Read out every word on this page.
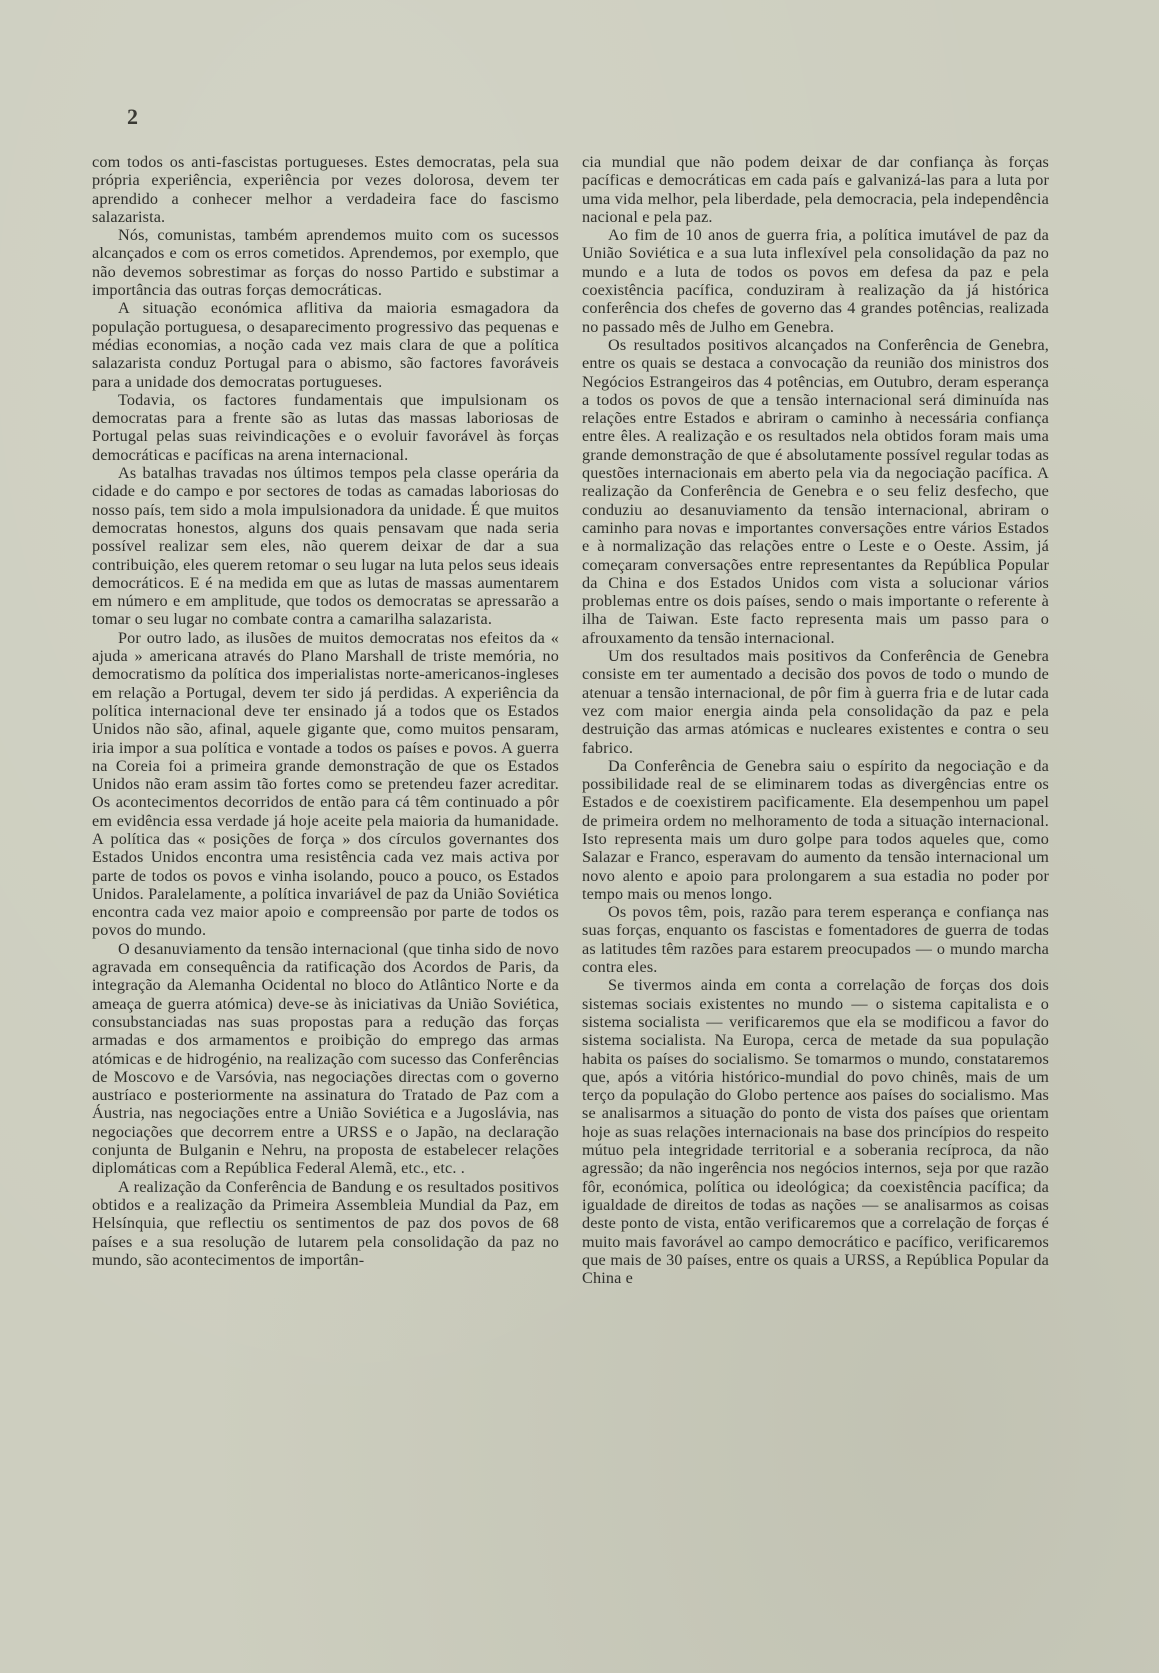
2

com todos os anti-fascistas portugueses. Estes democratas, pela sua própria experiência, experiência por vezes dolorosa, devem ter aprendido a conhecer melhor a verdadeira face do fascismo salazarista.

Nós, comunistas, também aprendemos muito com os sucessos alcançados e com os erros cometidos. Aprendemos, por exemplo, que não devemos sobrestimar as forças do nosso Partido e substimar a importância das outras forças democráticas.

A situação económica aflitiva da maioria esmagadora da população portuguesa, o desaparecimento progressivo das pequenas e médias economias, a noção cada vez mais clara de que a política salazarista conduz Portugal para o abismo, são factores favoráveis para a unidade dos democratas portugueses.

Todavia, os factores fundamentais que impulsionam os democratas para a frente são as lutas das massas laboriosas de Portugal pelas suas reivindicações e o evoluir favorável às forças democráticas e pacíficas na arena internacional.

As batalhas travadas nos últimos tempos pela classe operária da cidade e do campo e por sectores de todas as camadas laboriosas do nosso país, tem sido a mola impulsionadora da unidade. É que muitos democratas honestos, alguns dos quais pensavam que nada seria possível realizar sem eles, não querem deixar de dar a sua contribuição, eles querem retomar o seu lugar na luta pelos seus ideais democráticos. E é na medida em que as lutas de massas aumentarem em número e em amplitude, que todos os democratas se apressarão a tomar o seu lugar no combate contra a camarilha salazarista.

Por outro lado, as ilusões de muitos democratas nos efeitos da « ajuda » americana através do Plano Marshall de triste memória, no democratismo da política dos imperialistas norte-americanos-ingleses em relação a Portugal, devem ter sido já perdidas. A experiência da política internacional deve ter ensinado já a todos que os Estados Unidos não são, afinal, aquele gigante que, como muitos pensaram, iria impor a sua política e vontade a todos os países e povos. A guerra na Coreia foi a primeira grande demonstração de que os Estados Unidos não eram assim tão fortes como se pretendeu fazer acreditar. Os acontecimentos decorridos de então para cá têm continuado a pôr em evidência essa verdade já hoje aceite pela maioria da humanidade. A política das « posições de força » dos círculos governantes dos Estados Unidos encontra uma resistência cada vez mais activa por parte de todos os povos e vinha isolando, pouco a pouco, os Estados Unidos. Paralelamente, a política invariável de paz da União Soviética encontra cada vez maior apoio e compreensão por parte de todos os povos do mundo.

O desanuviamento da tensão internacional (que tinha sido de novo agravada em consequência da ratificação dos Acordos de Paris, da integração da Alemanha Ocidental no bloco do Atlântico Norte e da ameaça de guerra atómica) deve-se às iniciativas da União Soviética, consubstanciadas nas suas propostas para a redução das forças armadas e dos armamentos e proibição do emprego das armas atómicas e de hidrogénio, na realização com sucesso das Conferências de Moscovo e de Varsóvia, nas negociações directas com o governo austríaco e posteriormente na assinatura do Tratado de Paz com a Áustria, nas negociações entre a União Soviética e a Jugoslávia, nas negociações que decorrem entre a URSS e o Japão, na declaração conjunta de Bulganin e Nehru, na proposta de estabelecer relações diplomáticas com a República Federal Alemã, etc., etc. .

A realização da Conferência de Bandung e os resultados positivos obtidos e a realização da Primeira Assembleia Mundial da Paz, em Helsínquia, que reflectiu os sentimentos de paz dos povos de 68 países e a sua resolução de lutarem pela consolidação da paz no mundo, são acontecimentos de importân-

cia mundial que não podem deixar de dar confiança às forças pacíficas e democráticas em cada país e galvanizá-las para a luta por uma vida melhor, pela liberdade, pela democracia, pela independência nacional e pela paz.

Ao fim de 10 anos de guerra fria, a política imutável de paz da União Soviética e a sua luta inflexível pela consolidação da paz no mundo e a luta de todos os povos em defesa da paz e pela coexistência pacífica, conduziram à realização da já histórica conferência dos chefes de governo das 4 grandes potências, realizada no passado mês de Julho em Genebra.

Os resultados positivos alcançados na Conferência de Genebra, entre os quais se destaca a convocação da reunião dos ministros dos Negócios Estrangeiros das 4 potências, em Outubro, deram esperança a todos os povos de que a tensão internacional será diminuída nas relações entre Estados e abriram o caminho à necessária confiança entre êles. A realização e os resultados nela obtidos foram mais uma grande demonstração de que é absolutamente possível regular todas as questões internacionais em aberto pela via da negociação pacífica. A realização da Conferência de Genebra e o seu feliz desfecho, que conduziu ao desanuviamento da tensão internacional, abriram o caminho para novas e importantes conversações entre vários Estados e à normalização das relações entre o Leste e o Oeste. Assim, já começaram conversações entre representantes da República Popular da China e dos Estados Unidos com vista a solucionar vários problemas entre os dois países, sendo o mais importante o referente à ilha de Taiwan. Este facto representa mais um passo para o afrouxamento da tensão internacional.

Um dos resultados mais positivos da Conferência de Genebra consiste em ter aumentado a decisão dos povos de todo o mundo de atenuar a tensão internacional, de pôr fim à guerra fria e de lutar cada vez com maior energia ainda pela consolidação da paz e pela destruição das armas atómicas e nucleares existentes e contra o seu fabrico.

Da Conferência de Genebra saiu o espírito da negociação e da possibilidade real de se eliminarem todas as divergências entre os Estados e de coexistirem pacìficamente. Ela desempenhou um papel de primeira ordem no melhoramento de toda a situação internacional. Isto representa mais um duro golpe para todos aqueles que, como Salazar e Franco, esperavam do aumento da tensão internacional um novo alento e apoio para prolongarem a sua estadia no poder por tempo mais ou menos longo.

Os povos têm, pois, razão para terem esperança e confiança nas suas forças, enquanto os fascistas e fomentadores de guerra de todas as latitudes têm razões para estarem preocupados — o mundo marcha contra eles.

Se tivermos ainda em conta a correlação de forças dos dois sistemas sociais existentes no mundo — o sistema capitalista e o sistema socialista — verificaremos que ela se modificou a favor do sistema socialista. Na Europa, cerca de metade da sua população habita os países do socialismo. Se tomarmos o mundo, constataremos que, após a vitória histórico-mundial do povo chinês, mais de um terço da população do Globo pertence aos países do socialismo. Mas se analisarmos a situação do ponto de vista dos países que orientam hoje as suas relações internacionais na base dos princípios do respeito mútuo pela integridade territorial e a soberania recíproca, da não agressão; da não ingerência nos negócios internos, seja por que razão fôr, económica, política ou ideológica; da coexistência pacífica; da igualdade de direitos de todas as nações — se analisarmos as coisas deste ponto de vista, então verificaremos que a correlação de forças é muito mais favorável ao campo democrático e pacífico, verificaremos que mais de 30 países, entre os quais a URSS, a República Popular da China e
